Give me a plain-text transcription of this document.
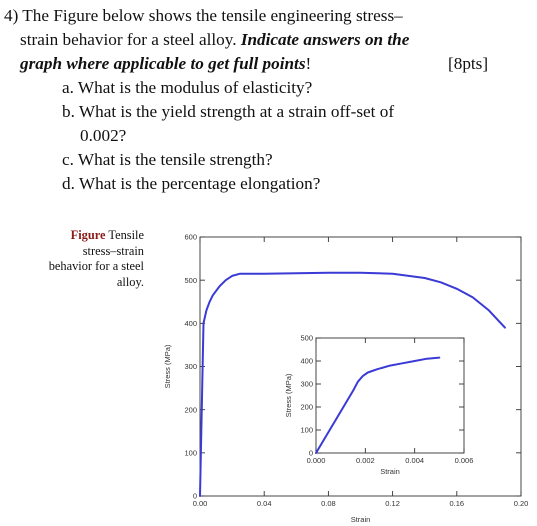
4) The Figure below shows the tensile engineering stress–
strain behavior for a steel alloy. Indicate answers on the
graph where applicable to get full points!	[8pts]
a. What is the modulus of elasticity?
b. What is the yield strength at a strain off-set of
0.002?
c. What is the tensile strength?
d. What is the percentage elongation?
Figure Tensile
stress–strain
behavior for a steel
alloy.
0.00	0.04	0.08	0.12	0.16	0.20
0
100
200
300
400
500
600
Strain
Stress (MPa)
0.000	0.002	0.004	0.006
0
100
200
300
400
500
Strain
Stress (MPa)
